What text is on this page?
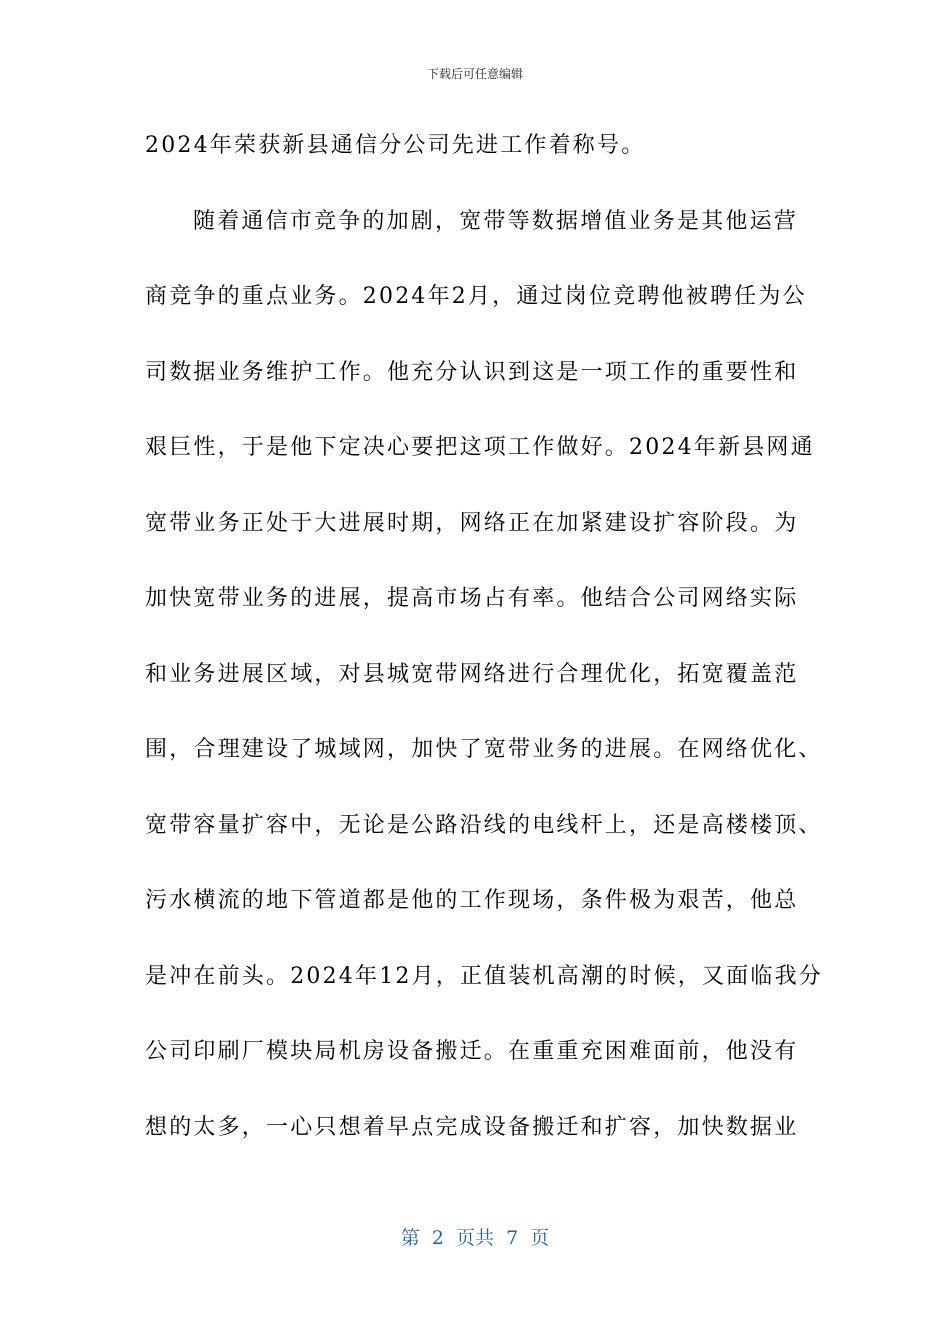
下载后可任意编辑
2024年荣获新县通信分公司先进工作着称号。
随着通信市竞争的加剧，宽带等数据增值业务是其他运营
商竞争的重点业务。2024年2月，通过岗位竞聘他被聘任为公
司数据业务维护工作。他充分认识到这是一项工作的重要性和
艰巨性，于是他下定决心要把这项工作做好。2024年新县网通
宽带业务正处于大进展时期，网络正在加紧建设扩容阶段。为
加快宽带业务的进展，提高市场占有率。他结合公司网络实际
和业务进展区域，对县城宽带网络进行合理优化，拓宽覆盖范
围，合理建设了城域网，加快了宽带业务的进展。在网络优化、
宽带容量扩容中，无论是公路沿线的电线杆上，还是高楼楼顶、
污水横流的地下管道都是他的工作现场，条件极为艰苦，他总
是冲在前头。2024年12月，正值装机高潮的时候，又面临我分
公司印刷厂模块局机房设备搬迁。在重重充困难面前，他没有
想的太多，一心只想着早点完成设备搬迁和扩容，加快数据业
第  2  页共  7  页
